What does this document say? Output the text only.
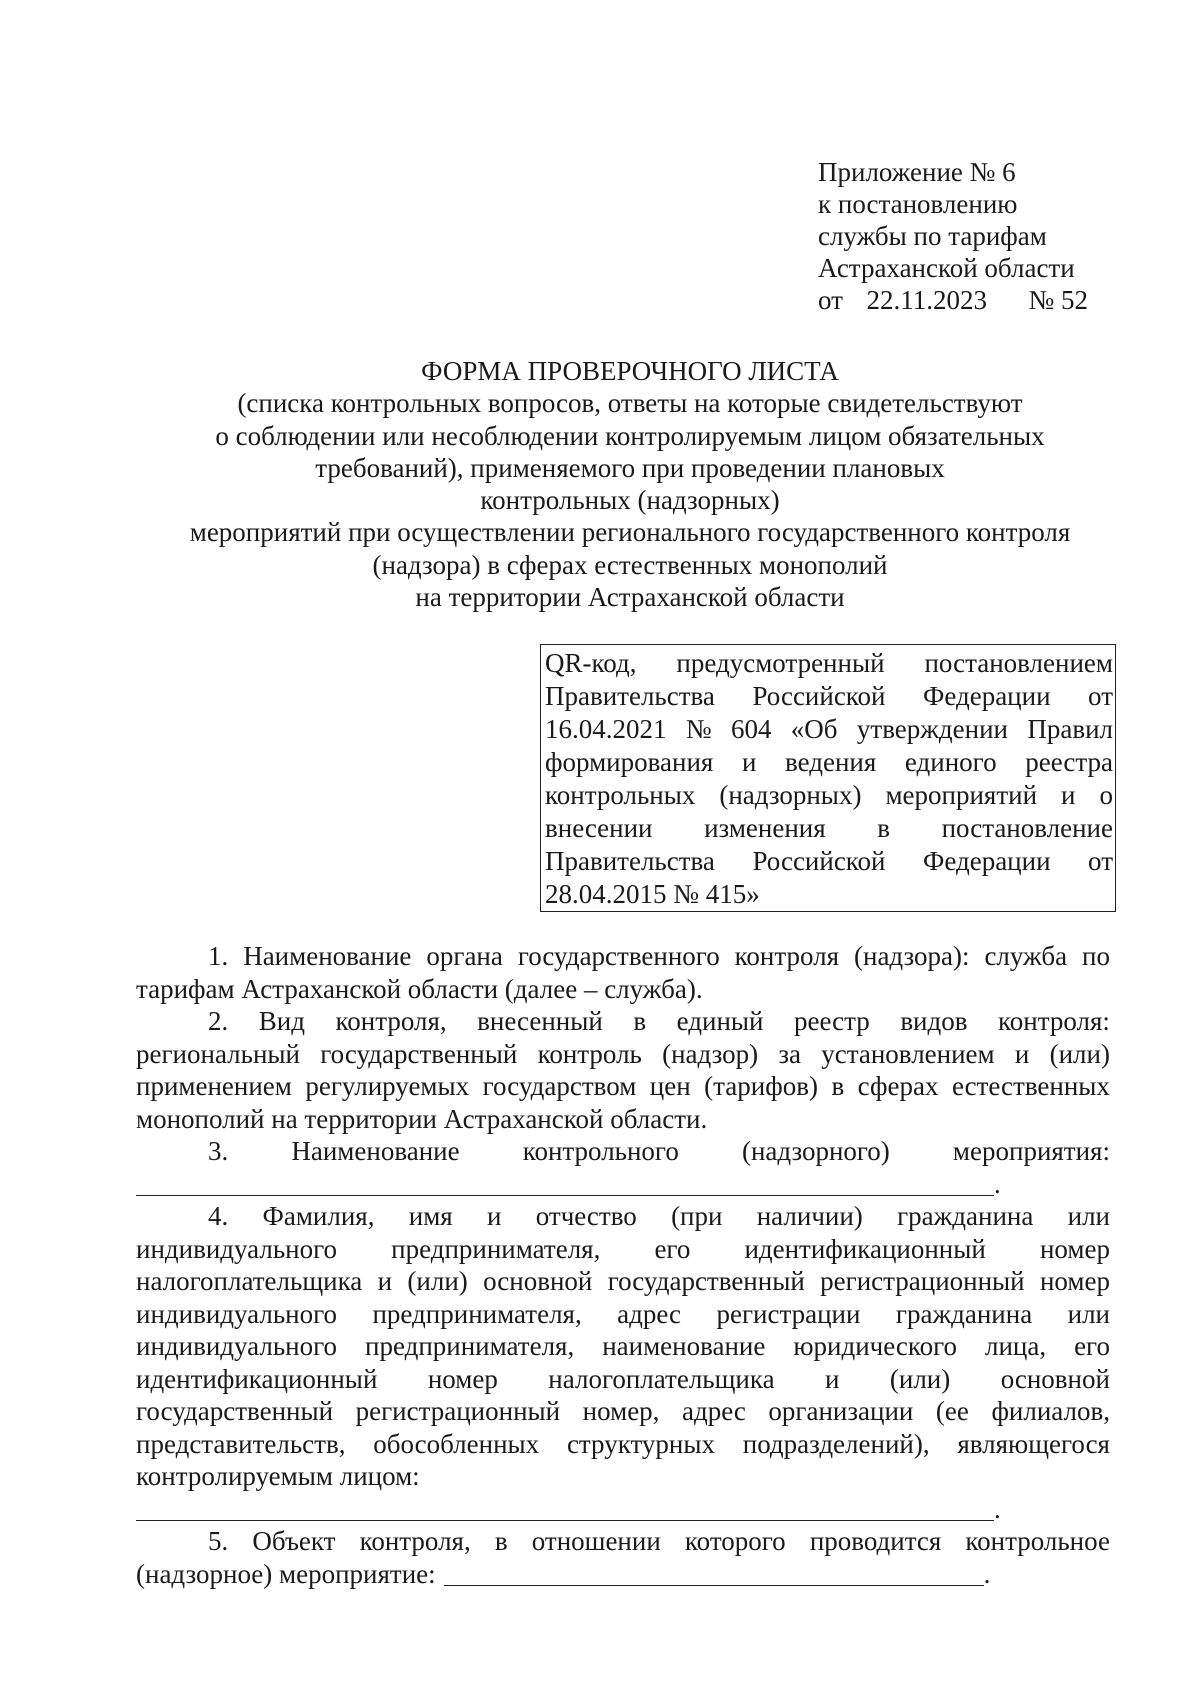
Приложение № 6
к постановлению
службы по тарифам
Астраханской области
от 22.11.2023 № 52
ФОРМА ПРОВЕРОЧНОГО ЛИСТА
(списка контрольных вопросов, ответы на которые свидетельствуют
о соблюдении или несоблюдении контролируемым лицом обязательных
требований), применяемого при проведении плановых
контрольных (надзорных)
мероприятий при осуществлении регионального государственного контроля
(надзора) в сферах естественных монополий
на территории Астраханской области
QR-код, предусмотренный постановлением
Правительства Российской Федерации от
16.04.2021 № 604 «Об утверждении Правил
формирования и ведения единого реестра
контрольных (надзорных) мероприятий и о
внесении изменения в постановление
Правительства Российской Федерации от
28.04.2015 № 415»
1. Наименование органа государственного контроля (надзора): служба по
тарифам Астраханской области (далее – служба).
2. Вид контроля, внесенный в единый реестр видов контроля:
региональный государственный контроль (надзор) за установлением и (или)
применением регулируемых государством цен (тарифов) в сферах естественных
монополий на территории Астраханской области.
3. Наименование контрольного (надзорного) мероприятия:
.
4. Фамилия, имя и отчество (при наличии) гражданина или
индивидуального предпринимателя, его идентификационный номер
налогоплательщика и (или) основной государственный регистрационный номер
индивидуального предпринимателя, адрес регистрации гражданина или
индивидуального предпринимателя, наименование юридического лица, его
идентификационный номер налогоплательщика и (или) основной
государственный регистрационный номер, адрес организации (ее филиалов,
представительств, обособленных структурных подразделений), являющегося
контролируемым лицом:
.
5. Объект контроля, в отношении которого проводится контрольное
(надзорное) мероприятие:	.
